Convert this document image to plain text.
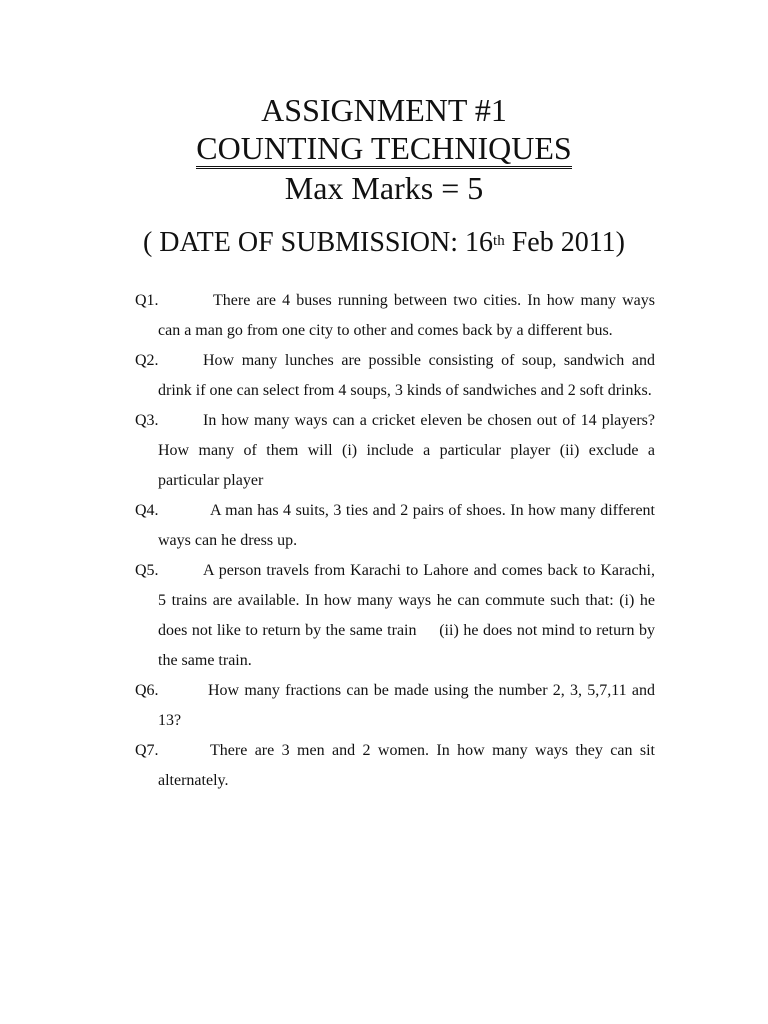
ASSIGNMENT #1
COUNTING TECHNIQUES
Max Marks = 5

( DATE OF SUBMISSION: 16th Feb 2011)

Q1.	There are 4 buses running between two cities. In how many ways can a man go from one city to other and comes back by a different bus.
Q2.	How many lunches are possible consisting of soup, sandwich and drink if one can select from 4 soups, 3 kinds of sandwiches and 2 soft drinks.
Q3.	In how many ways can a cricket eleven be chosen out of 14 players? How many of them will (i) include a particular player (ii) exclude a particular player
Q4.	A man has 4 suits, 3 ties and 2 pairs of shoes. In how many different ways can he dress up.
Q5.	A person travels from Karachi to Lahore and comes back to Karachi, 5 trains are available. In how many ways he can commute such that: (i) he does not like to return by the same train     (ii) he does not mind to return by the same train.
Q6.	How many fractions can be made using the number 2, 3, 5,7,11 and 13?
Q7.	There are 3 men and 2 women. In how many ways they can sit alternately.
